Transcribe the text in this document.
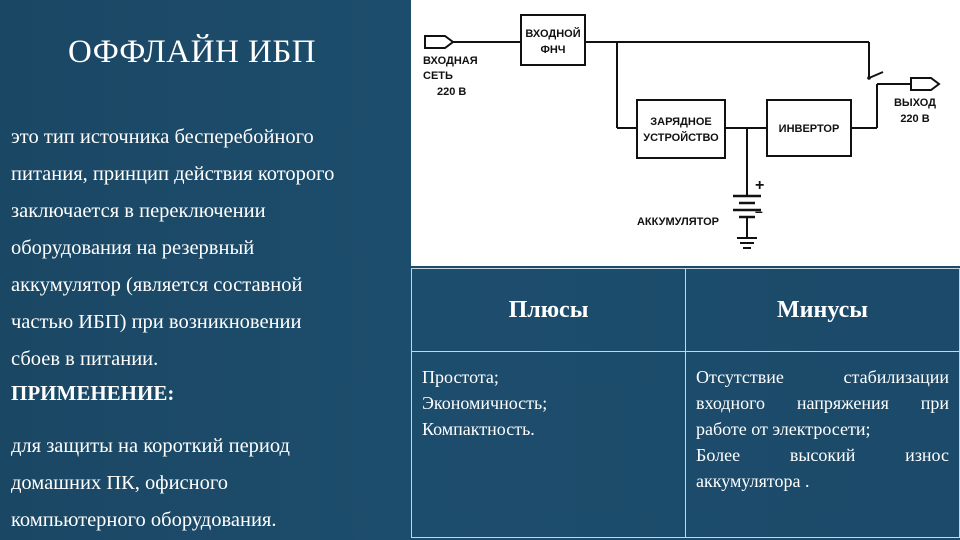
ОФФЛАЙН ИБП
это тип источника бесперебойного
питания, принцип действия которого
заключается в переключении
оборудования на резервный
аккумулятор (является составной
частью ИБП) при возникновении
сбоев в питании.
ПРИМЕНЕНИЕ:
для защиты на короткий период
домашних ПК, офисного
компьютерного оборудования.
ВХОДНОЙ
ФНЧ
ЗАРЯДНОЕ
УСТРОЙСТВО
ИНВЕРТОР
+
–
АККУМУЛЯТОР
ВХОДНАЯ
СЕТЬ
220 В
ВЫХОД
220 В
Плюсы	Минусы

Простота;
Экономичность;
Компактность.	Отсутствие стабилизации входного напряжения при работе от электросети;
Более высокий износ аккумулятора .
